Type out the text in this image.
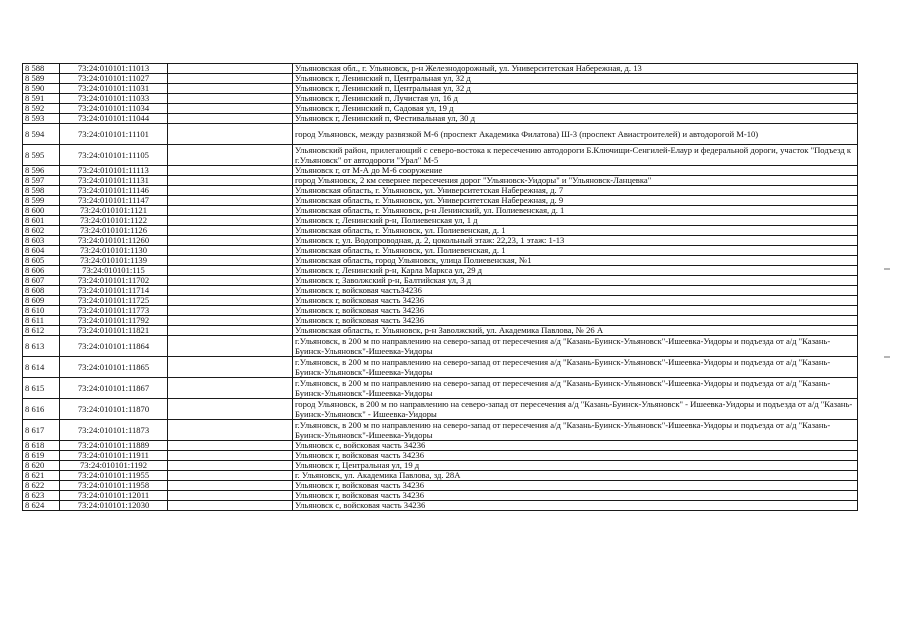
8 588	73:24:010101:11013		Ульяновская обл., г. Ульяновск, р-н Железнодорожный, ул. Университетская Набережная, д. 13
8 589	73:24:010101:11027		Ульяновск г, Ленинский п, Центральная ул, 32 д
8 590	73:24:010101:11031		Ульяновск г, Ленинский п, Центральная ул, 32 д
8 591	73:24:010101:11033		Ульяновск г, Ленинский п, Лучистая ул, 16 д
8 592	73:24:010101:11034		Ульяновск г, Ленинский п, Садовая ул, 19 д
8 593	73:24:010101:11044		Ульяновск г, Ленинский п, Фестивальная ул, 30 д
8 594	73:24:010101:11101		город Ульяновск, между развязкой М-6 (проспект Академика Филатова) Ш-3 (проспект Авиастроителей) и автодорогой М-10)
8 595	73:24:010101:11105		Ульяновский район, прилегающий с северо-востока к пересечению автодороги Б.Ключищи-Сенгилей-Елаур и федеральной дороги, участок "Подъезд к г.Ульяновск" от автодороги "Урал" М-5
8 596	73:24:010101:11113		Ульяновск г, от М-А до М-6 сооружение
8 597	73:24:010101:11131		город Ульяновск, 2 км севернее пересечения дорог "Ульяновск-Уидоры" и "Ульяновск-Ланцевка"
8 598	73:24:010101:11146		Ульяновская область, г. Ульяновск, ул. Университетская Набережная, д. 7
8 599	73:24:010101:11147		Ульяновская область, г. Ульяновск, ул. Университетская Набережная, д. 9
8 600	73:24:010101:1121		Ульяновская область, г. Ульяновск, р-н Ленинский, ул. Полиевенская, д. 1
8 601	73:24:010101:1122		Ульяновск г, Ленинский р-н, Полиевенская ул, 1 д
8 602	73:24:010101:1126		Ульяновская область, г. Ульяновск, ул. Полиевенская, д. 1
8 603	73:24:010101:11260		Ульяновск г, ул. Водопроводная, д. 2, цокольный этаж: 22,23, 1 этаж: 1-13
8 604	73:24:010101:1130		Ульяновская область, г. Ульяновск, ул. Полиевенская, д. 1
8 605	73:24:010101:1139		Ульяновская область, город Ульяновск, улица Полиевенская, №1
8 606	73:24:010101:115		Ульяновск г, Ленинский р-н, Карла Маркса ул, 29 д
8 607	73:24:010101:11702		Ульяновск г, Заволжский р-н, Балтийская ул, 3 д
8 608	73:24:010101:11714		Ульяновск г, войсковая часть34236
8 609	73:24:010101:11725		Ульяновск г, войсковая часть 34236
8 610	73:24:010101:11773		Ульяновск г, войсковая часть 34236
8 611	73:24:010101:11792		Ульяновск г, войсковая часть 34236
8 612	73:24:010101:11821		Ульяновская область, г. Ульяновск, р-н Заволжский, ул. Академика Павлова, № 26 А
8 613	73:24:010101:11864		г.Ульяновск, в 200 м по направлению на северо-запад от пересечения а/д "Казань-Буинск-Ульяновск"-Ишеевка-Уидоры и подъезда от а/д "Казань-Буинск-Ульяновск"-Ишеевка-Уидоры
8 614	73:24:010101:11865		г.Ульяновск, в 200 м по направлению на северо-запад от пересечения а/д "Казань-Буинск-Ульяновск"-Ишеевка-Уидоры и подъезда от а/д "Казань-Буинск-Ульяновск"-Ишеевка-Уидоры
8 615	73:24:010101:11867		г.Ульяновск, в 200 м по направлению на северо-запад от пересечения а/д "Казань-Буинск-Ульяновск"-Ишеевка-Уидоры и подъезда от а/д "Казань-Буинск-Ульяновск"-Ишеевка-Уидоры
8 616	73:24:010101:11870		город Ульяновск, в 200 м по направлению на северо-запад от пересечения а/д "Казань-Буинск-Ульяновск" - Ишеевка-Уидоры и подъезда от а/д "Казань-Буинск-Ульяновск" - Ишеевка-Уидоры
8 617	73:24:010101:11873		г.Ульяновск, в 200 м по направлению на северо-запад от пересечения а/д "Казань-Буинск-Ульяновск"-Ишеевка-Уидоры и подъезда от а/д "Казань-Буинск-Ульяновск"-Ишеевка-Уидоры
8 618	73:24:010101:11889		Ульяновск с, войсковая часть 34236
8 619	73:24:010101:11911		Ульяновск г, войсковая часть 34236
8 620	73:24:010101:1192		Ульяновск г, Центральная ул, 19 д
8 621	73:24:010101:11955		г. Ульяновск, ул. Академика Павлова, зд. 28А
8 622	73:24:010101:11958		Ульяновск г, войсковая часть 34236
8 623	73:24:010101:12011		Ульяновск г, войсковая часть 34236
8 624	73:24:010101:12030		Ульяновск с, войсковая часть 34236
